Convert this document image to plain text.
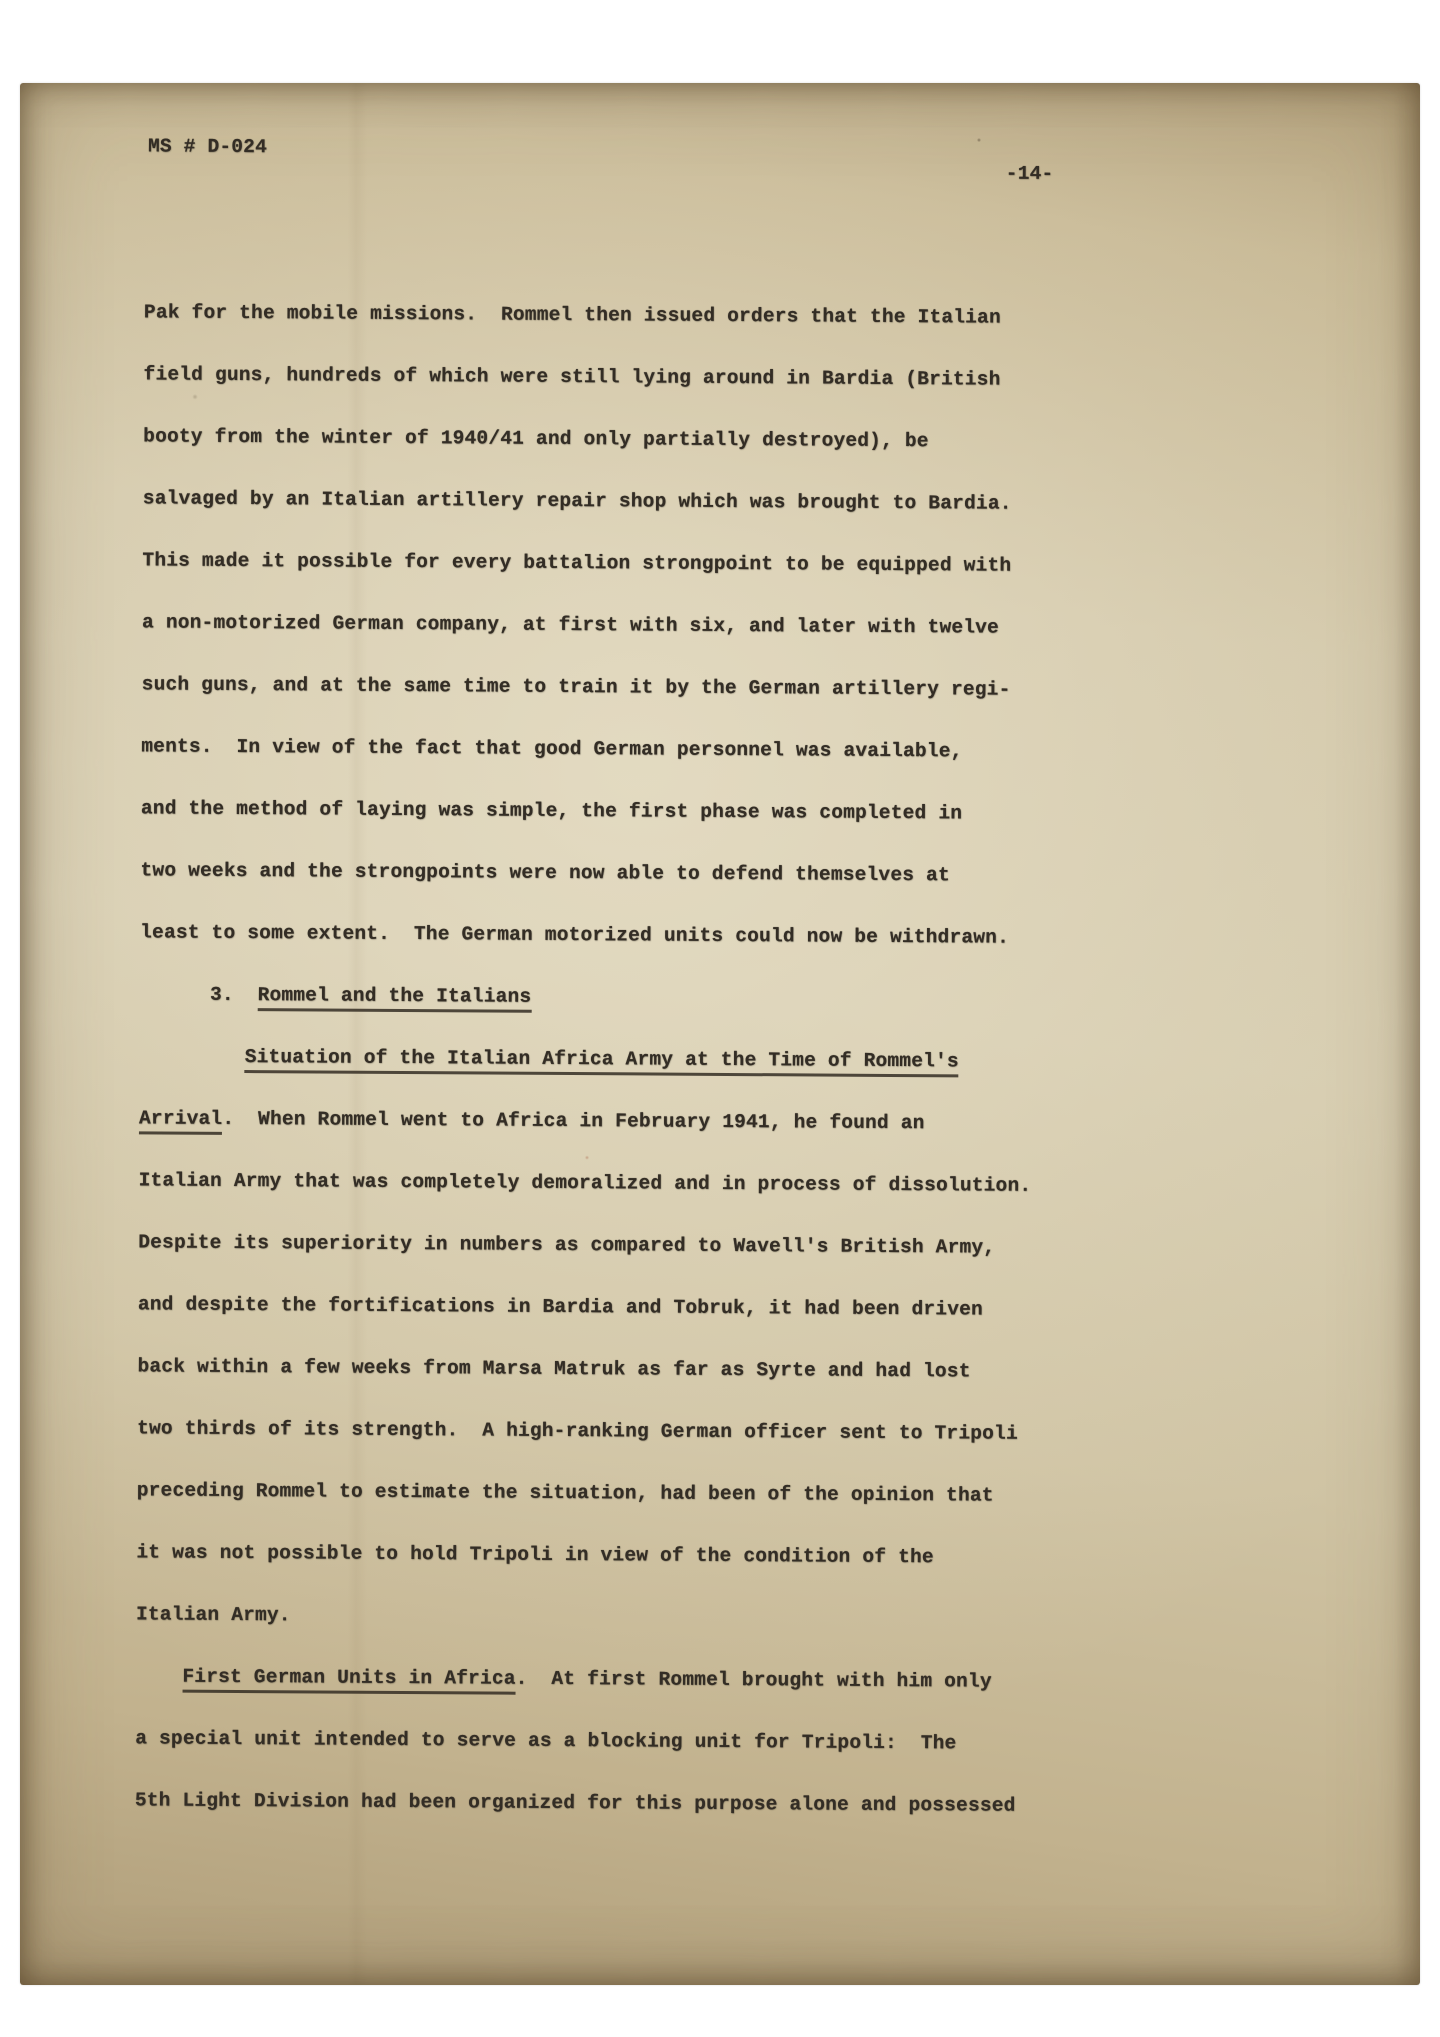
MS # D-024
-14-
Pak for the mobile missions.  Rommel then issued orders that the Italian
field guns, hundreds of which were still lying around in Bardia (British
booty from the winter of 1940/41 and only partially destroyed), be
salvaged by an Italian artillery repair shop which was brought to Bardia.
This made it possible for every battalion strongpoint to be equipped with
a non-motorized German company, at first with six, and later with twelve
such guns, and at the same time to train it by the German artillery regi-
ments.  In view of the fact that good German personnel was available,
and the method of laying was simple, the first phase was completed in
two weeks and the strongpoints were now able to defend themselves at
least to some extent.  The German motorized units could now be withdrawn.
3.  Rommel and the Italians
Situation of the Italian Africa Army at the Time of Rommel's
Arrival.  When Rommel went to Africa in February 1941, he found an
Italian Army that was completely demoralized and in process of dissolution.
Despite its superiority in numbers as compared to Wavell's British Army,
and despite the fortifications in Bardia and Tobruk, it had been driven
back within a few weeks from Marsa Matruk as far as Syrte and had lost
two thirds of its strength.  A high-ranking German officer sent to Tripoli
preceding Rommel to estimate the situation, had been of the opinion that
it was not possible to hold Tripoli in view of the condition of the
Italian Army.
First German Units in Africa.  At first Rommel brought with him only
a special unit intended to serve as a blocking unit for Tripoli:  The
5th Light Division had been organized for this purpose alone and possessed
